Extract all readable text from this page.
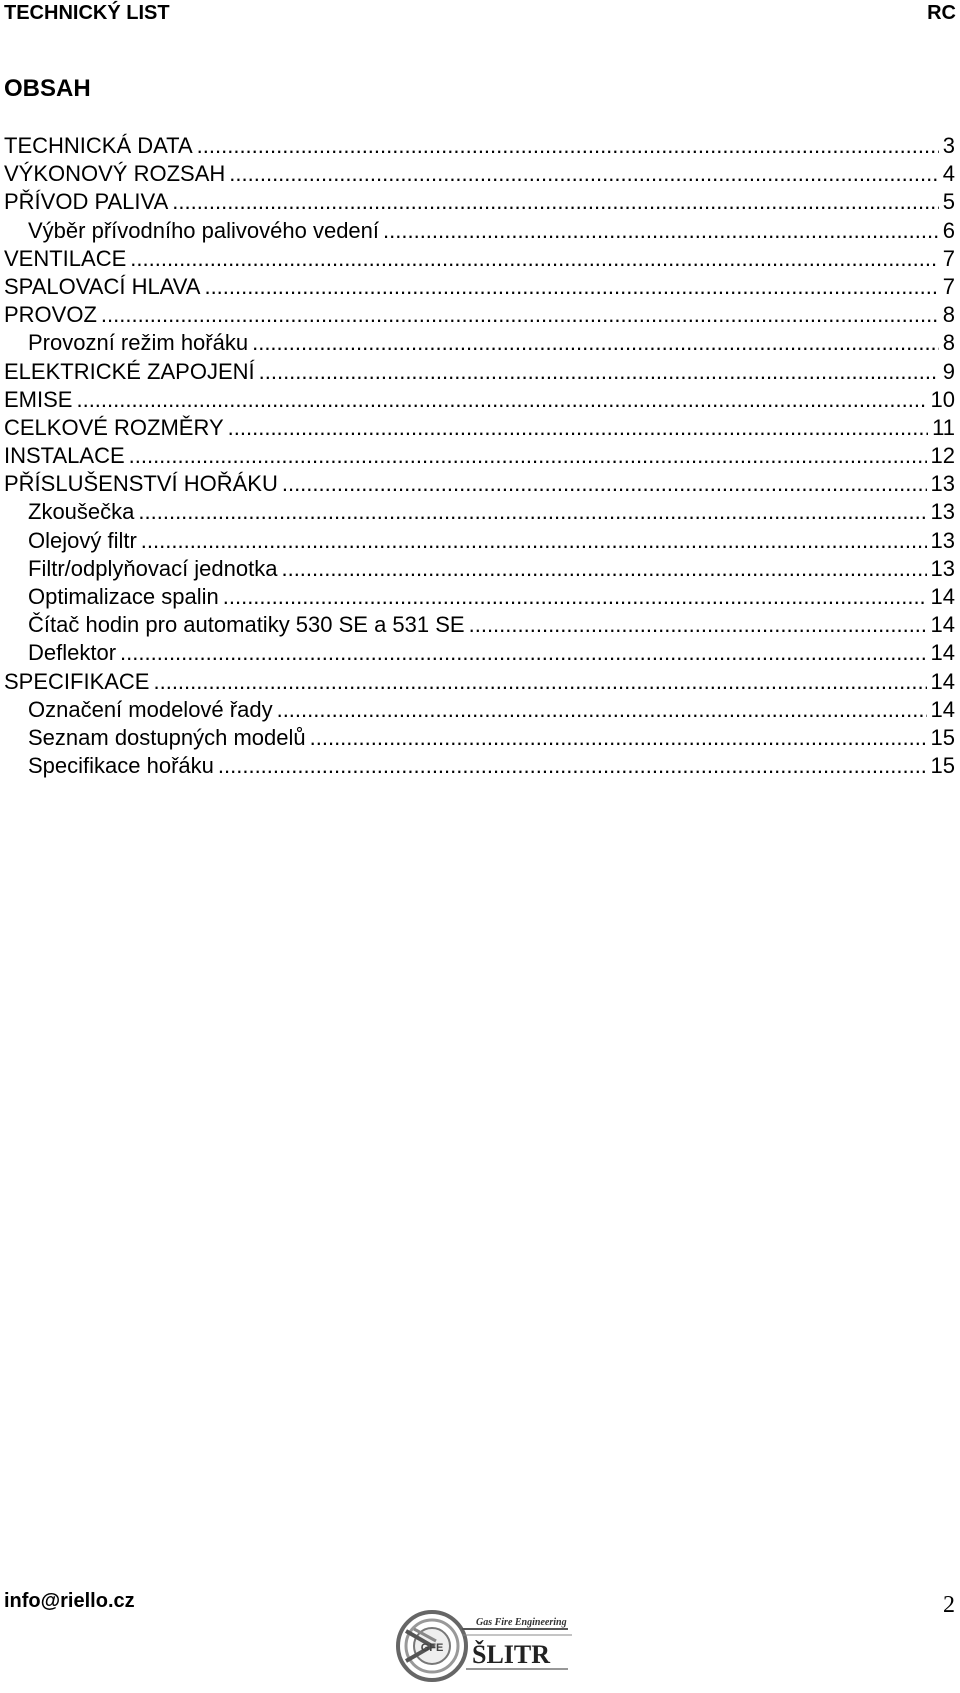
TECHNICKÝ LIST	RC
OBSAH
TECHNICKÁ DATA .....	3
VÝKONOVÝ ROZSAH .....	4
PŘÍVOD PALIVA .....	5
Výběr přívodního palivového vedení .....	6
VENTILACE .....	7
SPALOVACÍ HLAVA .....	7
PROVOZ .....	8
Provozní režim hořáku .....	8
ELEKTRICKÉ ZAPOJENÍ .....	9
EMISE .....	10
CELKOVÉ ROZMĚRY .....	11
INSTALACE .....	12
PŘÍSLUŠENSTVÍ HOŘÁKU .....	13
Zkoušečka .....	13
Olejový filtr .....	13
Filtr/odplyňovací jednotka .....	13
Optimalizace spalin .....	14
Čítač hodin pro automatiky 530 SE a 531 SE .....	14
Deflektor .....	14
SPECIFIKACE .....	14
Označení modelové řady .....	14
Seznam dostupných modelů .....	15
Specifikace hořáku .....	15
info@riello.cz
GFE
Gas Fire Engineering
ŠLITR
2
